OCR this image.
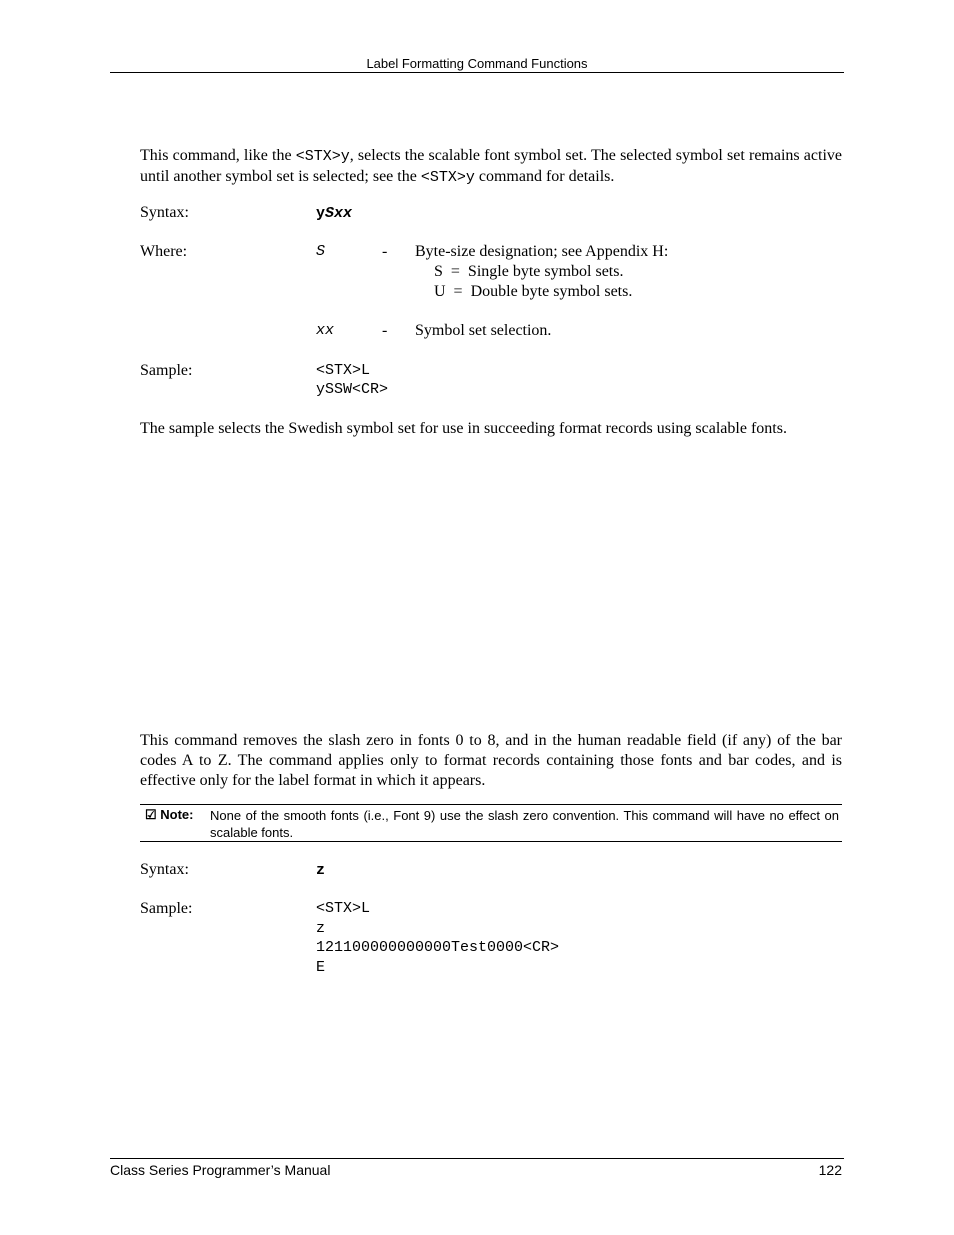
Label Formatting Command Functions
This command, like the <STX>y, selects the scalable font symbol set. The selected symbol set remains active until another symbol set is selected; see the <STX>y command for details.
Syntax:	ySxx
Where:	S	- Byte-size designation; see Appendix H:
S  =  Single byte symbol sets.
U  =  Double byte symbol sets.
xx	- Symbol set selection.
Sample:	<STX>L
ySSW<CR>
The sample selects the Swedish symbol set for use in succeeding format records using scalable fonts.
This command removes the slash zero in fonts 0 to 8, and in the human readable field (if any) of the bar codes A to Z. The command applies only to format records containing those fonts and bar codes, and is effective only for the label format in which it appears.
☑ Note: None of the smooth fonts (i.e., Font 9) use the slash zero convention. This command will have no effect on scalable fonts.
Syntax:	z
Sample:	<STX>L
z
121100000000000Test0000<CR>
E
Class Series Programmer’s Manual	122
